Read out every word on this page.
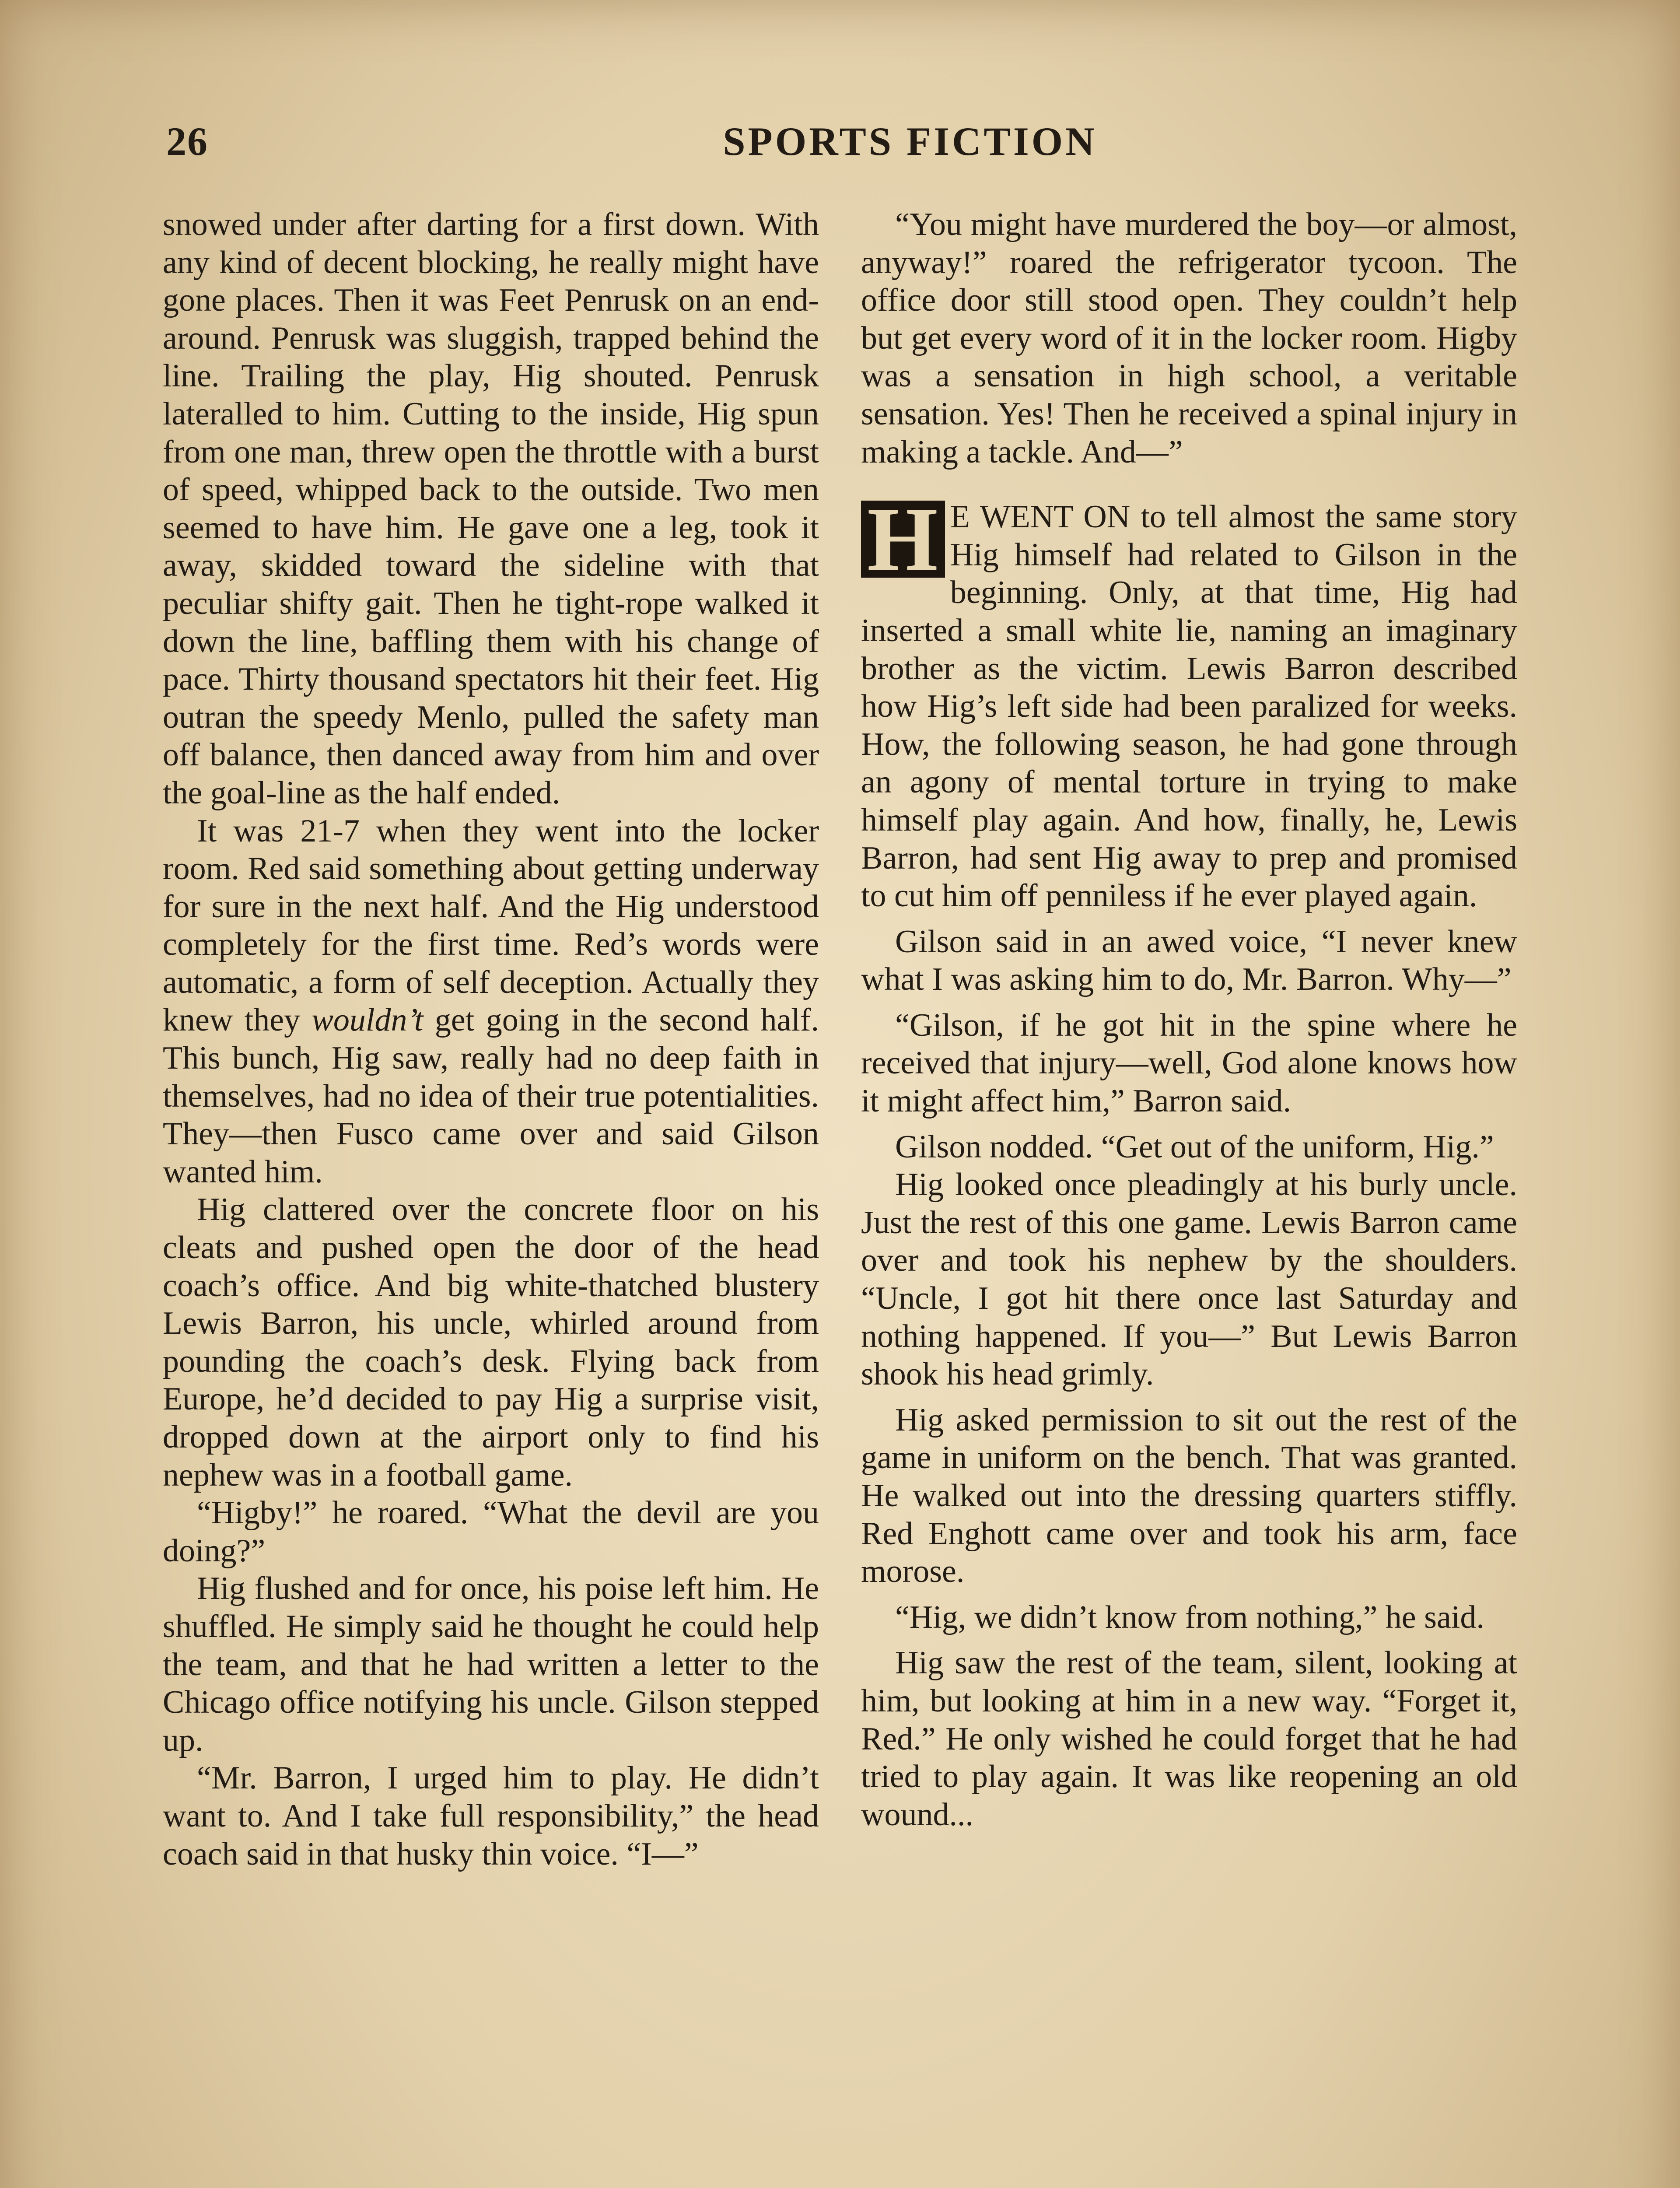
26	SPORTS FICTION

snowed under after darting for a first down. With any kind of decent blocking, he really might have gone places. Then it was Feet Penrusk on an end-around. Penrusk was sluggish, trapped behind the line. Trailing the play, Hig shouted. Penrusk lateralled to him. Cutting to the inside, Hig spun from one man, threw open the throttle with a burst of speed, whipped back to the outside. Two men seemed to have him. He gave one a leg, took it away, skidded toward the sideline with that peculiar shifty gait. Then he tight-rope walked it down the line, baffling them with his change of pace. Thirty thousand spectators hit their feet. Hig outran the speedy Menlo, pulled the safety man off balance, then danced away from him and over the goal-line as the half ended.

It was 21-7 when they went into the locker room. Red said something about getting underway for sure in the next half. And the Hig understood completely for the first time. Red’s words were automatic, a form of self deception. Actually they knew they wouldn’t get going in the second half. This bunch, Hig saw, really had no deep faith in themselves, had no idea of their true potentialities. They—then Fusco came over and said Gilson wanted him.

Hig clattered over the concrete floor on his cleats and pushed open the door of the head coach’s office. And big white-thatched blustery Lewis Barron, his uncle, whirled around from pounding the coach’s desk. Flying back from Europe, he’d decided to pay Hig a surprise visit, dropped down at the airport only to find his nephew was in a football game.

“Higby!” he roared. “What the devil are you doing?”

Hig flushed and for once, his poise left him. He shuffled. He simply said he thought he could help the team, and that he had written a letter to the Chicago office notifying his uncle. Gilson stepped up.

“Mr. Barron, I urged him to play. He didn’t want to. And I take full responsibility,” the head coach said in that husky thin voice. “I—”

“You might have murdered the boy—or almost, anyway!” roared the refrigerator tycoon. The office door still stood open. They couldn’t help but get every word of it in the locker room. Higby was a sensation in high school, a veritable sensation. Yes! Then he received a spinal injury in making a tackle. And—”

H E WENT ON to tell almost the same story Hig himself had related to Gilson in the beginning. Only, at that time, Hig had inserted a small white lie, naming an imaginary brother as the victim. Lewis Barron described how Hig’s left side had been paralized for weeks. How, the following season, he had gone through an agony of mental torture in trying to make himself play again. And how, finally, he, Lewis Barron, had sent Hig away to prep and promised to cut him off penniless if he ever played again.

Gilson said in an awed voice, “I never knew what I was asking him to do, Mr. Barron. Why—”

“Gilson, if he got hit in the spine where he received that injury—well, God alone knows how it might affect him,” Barron said.

Gilson nodded. “Get out of the uniform, Hig.”

Hig looked once pleadingly at his burly uncle. Just the rest of this one game. Lewis Barron came over and took his nephew by the shoulders. “Uncle, I got hit there once last Saturday and nothing happened. If you—” But Lewis Barron shook his head grimly.

Hig asked permission to sit out the rest of the game in uniform on the bench. That was granted. He walked out into the dressing quarters stiffly. Red Enghott came over and took his arm, face morose.

“Hig, we didn’t know from nothing,” he said.

Hig saw the rest of the team, silent, looking at him, but looking at him in a new way. “Forget it, Red.” He only wished he could forget that he had tried to play again. It was like reopening an old wound...
